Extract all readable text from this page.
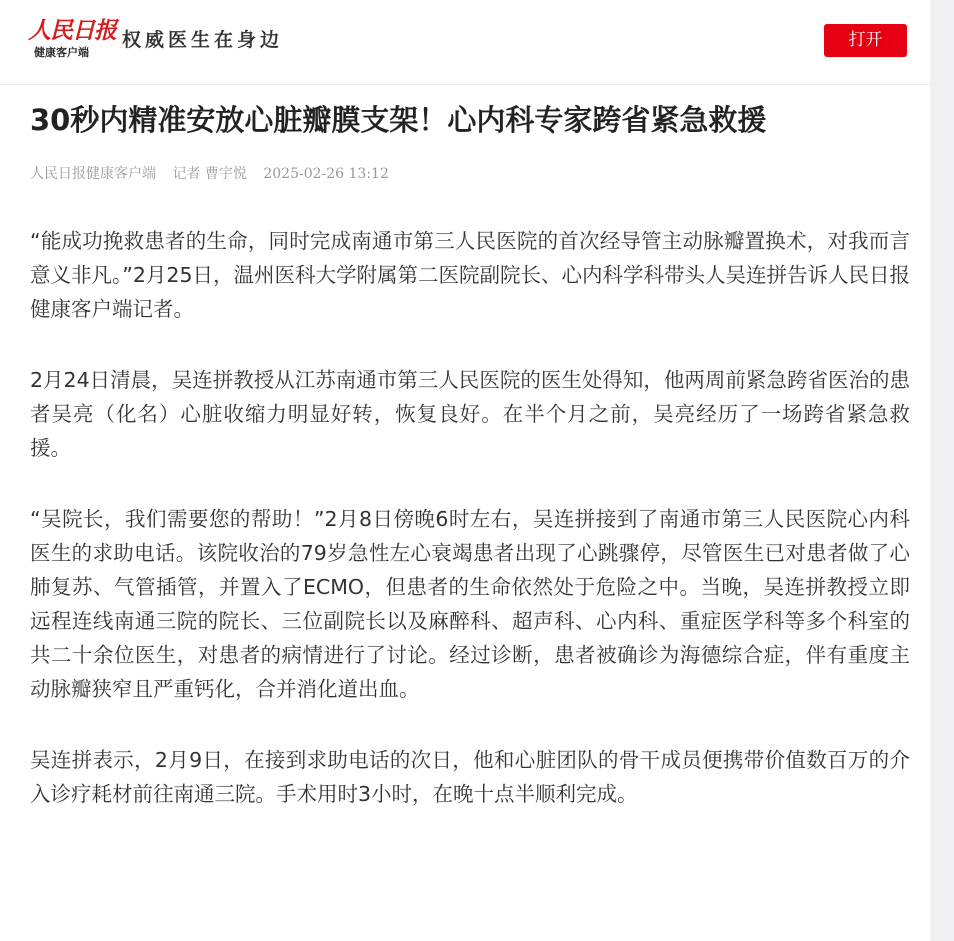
人民日报
健康客户端
权威医生在身边	打开
30秒内精准安放心脏瓣膜支架！心内科专家跨省紧急救援
人民日报健康客户端 记者 曹宇悦 2025-02-26 13:12

“能成功挽救患者的生命，同时完成南通市第三人民医院的首次经导管主动脉瓣置换术，对我而言意义非凡。”2月25日，温州医科大学附属第二医院副院长、心内科学科带头人吴连拼告诉人民日报健康客户端记者。

2月24日清晨，吴连拼教授从江苏南通市第三人民医院的医生处得知，他两周前紧急跨省医治的患者吴亮（化名）心脏收缩力明显好转，恢复良好。在半个月之前，吴亮经历了一场跨省紧急救援。

“吴院长，我们需要您的帮助！”2月8日傍晚6时左右，吴连拼接到了南通市第三人民医院心内科医生的求助电话。该院收治的79岁急性左心衰竭患者出现了心跳骤停，尽管医生已对患者做了心肺复苏、气管插管，并置入了ECMO，但患者的生命依然处于危险之中。当晚，吴连拼教授立即远程连线南通三院的院长、三位副院长以及麻醉科、超声科、心内科、重症医学科等多个科室的共二十余位医生，对患者的病情进行了讨论。经过诊断，患者被确诊为海德综合症，伴有重度主动脉瓣狭窄且严重钙化，合并消化道出血。

吴连拼表示，2月9日，在接到求助电话的次日，他和心脏团队的骨干成员便携带价值数百万的介入诊疗耗材前往南通三院。手术用时3小时，在晚十点半顺利完成。
